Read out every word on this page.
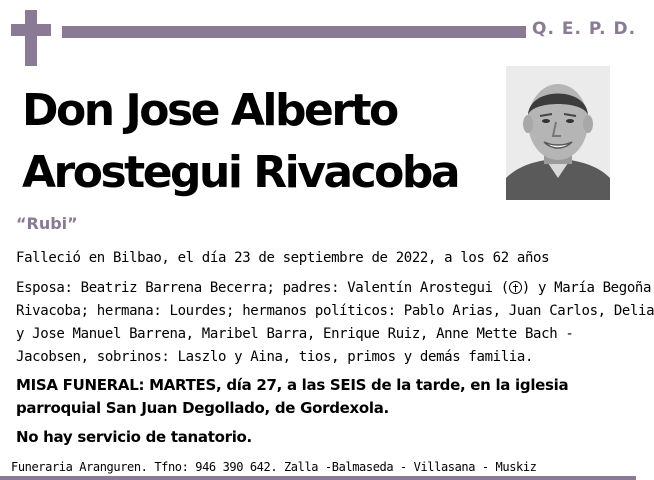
Q. E. P. D.
Don Jose Alberto
Arostegui Rivacoba
“Rubi”
Falleció en Bilbao, el día 23 de septiembre de 2022, a los 62 años
Esposa: Beatriz Barrena Becerra; padres: Valentín Arostegui ( ) y María Begoña
Rivacoba; hermana: Lourdes; hermanos políticos: Pablo Arias, Juan Carlos, Delia
y Jose Manuel Barrena, Maribel Barra, Enrique Ruiz, Anne Mette Bach -
Jacobsen, sobrinos: Laszlo y Aina, tios, primos y demás familia.
MISA FUNERAL: MARTES, día 27, a las SEIS de la tarde, en la iglesia
parroquial San Juan Degollado, de Gordexola.
No hay servicio de tanatorio.
Funeraria Aranguren. Tfno: 946 390 642. Zalla -Balmaseda - Villasana - Muskiz
